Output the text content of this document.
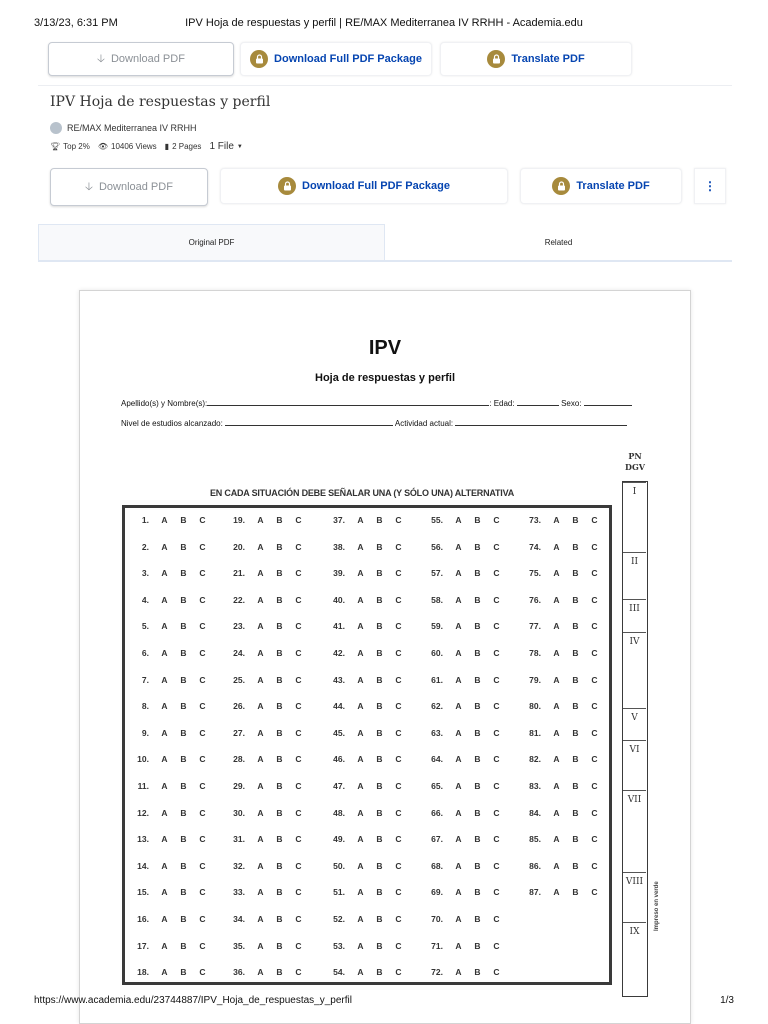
3/13/23, 6:31 PM	IPV Hoja de respuestas y perfil | RE/MAX Mediterranea IV RRHH - Academia.edu
🡣 Download PDF	Download Full PDF Package	Translate PDF
IPV Hoja de respuestas y perfil
RE/MAX Mediterranea IV RRHH
🏆︎ Top 2% 👁︎ 10406 Views ▮ 2 Pages 1 File ▼
🡣 Download PDF	Download Full PDF Package	Translate PDF	⋮
Original PDF	Related
IPV
Hoja de respuestas y perfil
Apellido(s) y Nombre(s):	: Edad:	Sexo:
Nivel de estudios alcanzado:	Actividad actual:
EN CADA SITUACIÓN DEBE SEÑALAR UNA (Y SÓLO UNA) ALTERNATIVA
1.	A	B	C
2.	A	B	C
3.	A	B	C
4.	A	B	C
5.	A	B	C
6.	A	B	C
7.	A	B	C
8.	A	B	C
9.	A	B	C
10.	A	B	C
11.	A	B	C
12.	A	B	C
13.	A	B	C
14.	A	B	C
15.	A	B	C
16.	A	B	C
17.	A	B	C
18.	A	B	C
19.	A	B	C
20.	A	B	C
21.	A	B	C
22.	A	B	C
23.	A	B	C
24.	A	B	C
25.	A	B	C
26.	A	B	C
27.	A	B	C
28.	A	B	C
29.	A	B	C
30.	A	B	C
31.	A	B	C
32.	A	B	C
33.	A	B	C
34.	A	B	C
35.	A	B	C
36.	A	B	C
37.	A	B	C
38.	A	B	C
39.	A	B	C
40.	A	B	C
41.	A	B	C
42.	A	B	C
43.	A	B	C
44.	A	B	C
45.	A	B	C
46.	A	B	C
47.	A	B	C
48.	A	B	C
49.	A	B	C
50.	A	B	C
51.	A	B	C
52.	A	B	C
53.	A	B	C
54.	A	B	C
55.	A	B	C
56.	A	B	C
57.	A	B	C
58.	A	B	C
59.	A	B	C
60.	A	B	C
61.	A	B	C
62.	A	B	C
63.	A	B	C
64.	A	B	C
65.	A	B	C
66.	A	B	C
67.	A	B	C
68.	A	B	C
69.	A	B	C
70.	A	B	C
71.	A	B	C
72.	A	B	C
73.	A	B	C
74.	A	B	C
75.	A	B	C
76.	A	B	C
77.	A	B	C
78.	A	B	C
79.	A	B	C
80.	A	B	C
81.	A	B	C
82.	A	B	C
83.	A	B	C
84.	A	B	C
85.	A	B	C
86.	A	B	C
87.	A	B	C
PN
DGV
I
II
III
IV
V
VI
VII
VIII
IX
Impreso en verde
https://www.academia.edu/23744887/IPV_Hoja_de_respuestas_y_perfil	1/3
